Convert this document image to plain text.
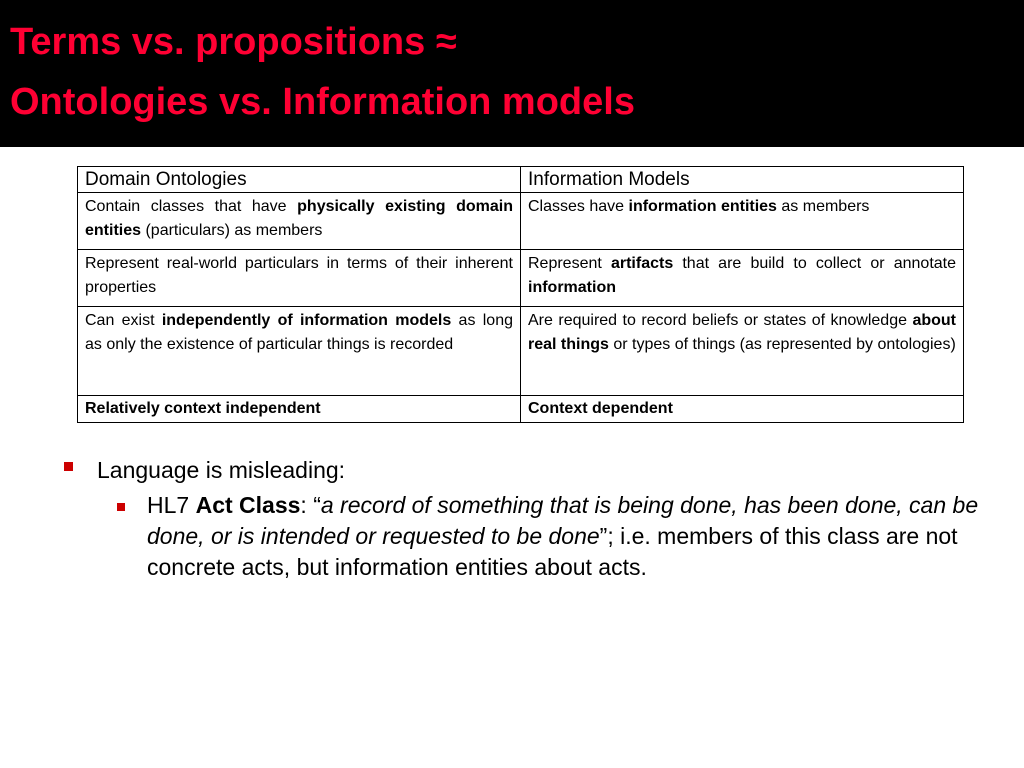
Terms vs. propositions ≈
Ontologies vs. Information models
Domain Ontologies	Information Models
Contain classes that have physically existing domain entities (particulars) as members	Classes have information entities as members
Represent real-world particulars in terms of their inherent properties	Represent artifacts that are build to collect or annotate information
Can exist independently of information models as long as only the existence of particular things is recorded	Are required to record beliefs or states of knowledge about real things or types of things (as represented by ontologies)
Relatively context independent	Context dependent
Language is misleading:
HL7 Act Class: “a record of something that is being done, has been done, can be done, or is intended or requested to be done”; i.e. members of this class are not concrete acts, but information entities about acts.
